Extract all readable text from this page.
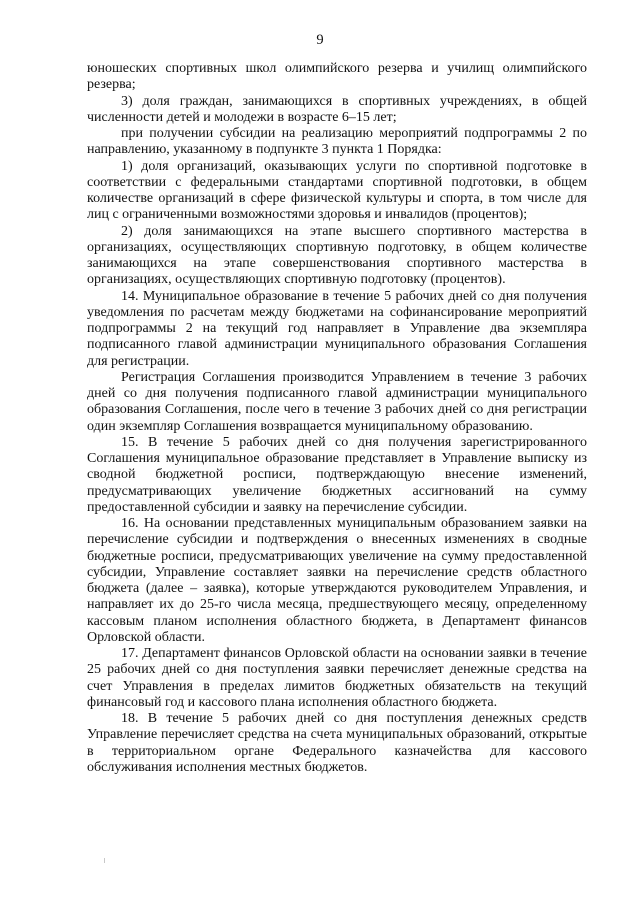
9

юношеских спортивных школ олимпийского резерва и училищ олимпийского резерва;

3) доля граждан, занимающихся в спортивных учреждениях, в общей численности детей и молодежи в возрасте 6–15 лет;

при получении субсидии на реализацию мероприятий подпрограммы 2 по направлению, указанному в подпункте 3 пункта 1 Порядка:

1) доля организаций, оказывающих услуги по спортивной подготовке в соответствии с федеральными стандартами спортивной подготовки, в общем количестве организаций в сфере физической культуры и спорта, в том числе для лиц с ограниченными возможностями здоровья и инвалидов (процентов);

2) доля занимающихся на этапе высшего спортивного мастерства в организациях, осуществляющих спортивную подготовку, в общем количестве занимающихся на этапе совершенствования спортивного мастерства в организациях, осуществляющих спортивную подготовку (процентов).

14. Муниципальное образование в течение 5 рабочих дней со дня получения уведомления по расчетам между бюджетами на софинансирование мероприятий подпрограммы 2 на текущий год направляет в Управление два экземпляра подписанного главой администрации муниципального образования Соглашения для регистрации.

Регистрация Соглашения производится Управлением в течение 3 рабочих дней со дня получения подписанного главой администрации муниципального образования Соглашения, после чего в течение 3 рабочих дней со дня регистрации один экземпляр Соглашения возвращается муниципальному образованию.

15. В течение 5 рабочих дней со дня получения зарегистрированного Соглашения муниципальное образование представляет в Управление выписку из сводной бюджетной росписи, подтверждающую внесение изменений, предусматривающих увеличение бюджетных ассигнований на сумму предоставленной субсидии и заявку на перечисление субсидии.

16. На основании представленных муниципальным образованием заявки на перечисление субсидии и подтверждения о внесенных изменениях в сводные бюджетные росписи, предусматривающих увеличение на сумму предоставленной субсидии, Управление составляет заявки на перечисление средств областного бюджета (далее – заявка), которые утверждаются руководителем Управления, и направляет их до 25-го числа месяца, предшествующего месяцу, определенному кассовым планом исполнения областного бюджета, в Департамент финансов Орловской области.

17. Департамент финансов Орловской области на основании заявки в течение 25 рабочих дней со дня поступления заявки перечисляет денежные средства на счет Управления в пределах лимитов бюджетных обязательств на текущий финансовый год и кассового плана исполнения областного бюджета.

18. В течение 5 рабочих дней со дня поступления денежных средств Управление перечисляет средства на счета муниципальных образований, открытые в территориальном органе Федерального казначейства для кассового обслуживания исполнения местных бюджетов.
